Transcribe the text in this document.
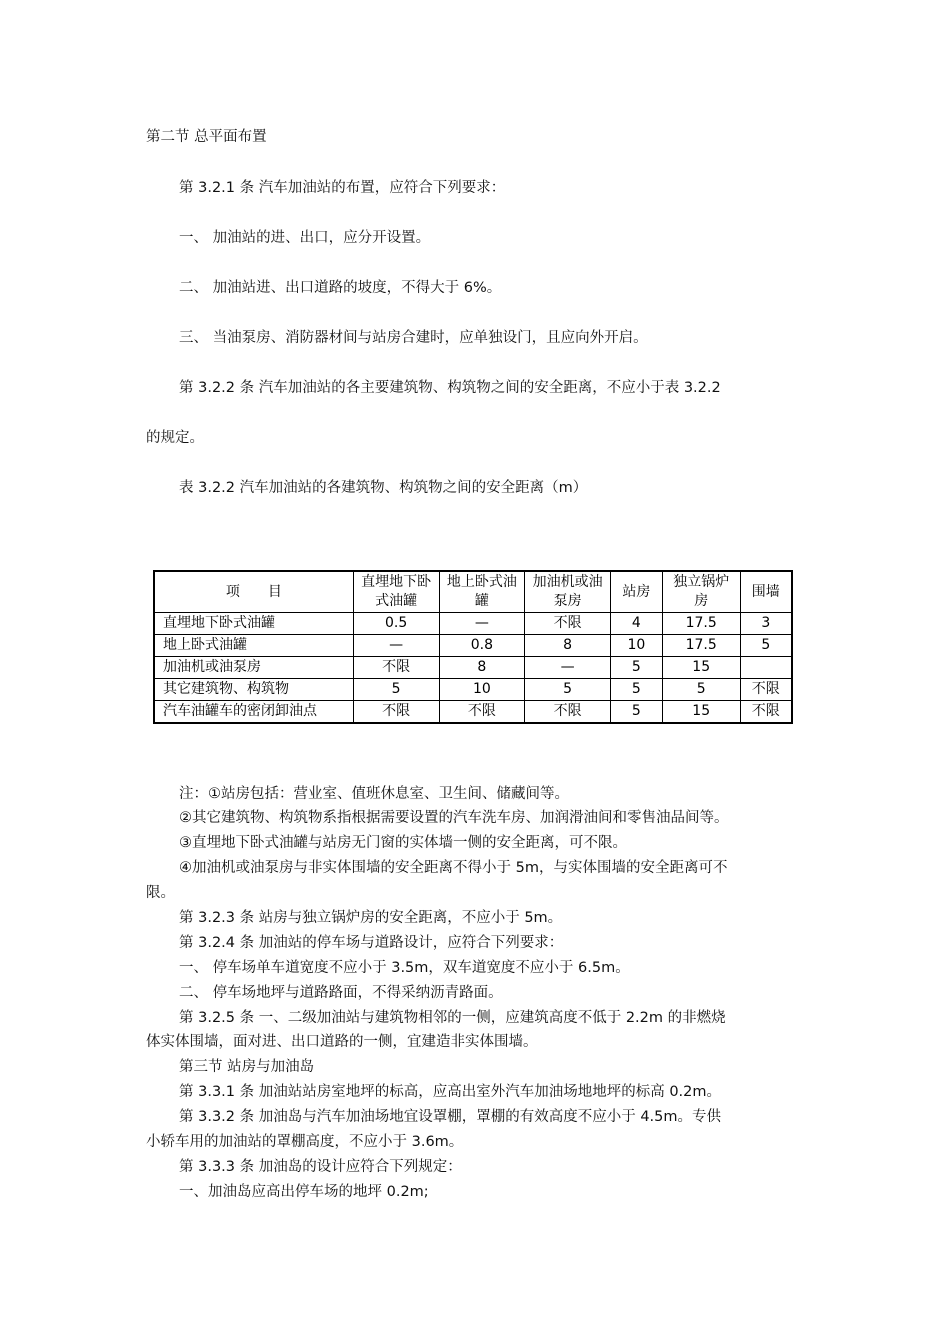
第二节 总平面布置
第 3.2.1 条 汽车加油站的布置，应符合下列要求：
一、 加油站的进、出口，应分开设置。
二、 加油站进、出口道路的坡度，不得大于 6%。
三、 当油泵房、消防器材间与站房合建时，应单独设门，且应向外开启。
第 3.2.2 条 汽车加油站的各主要建筑物、构筑物之间的安全距离，不应小于表 3.2.2
的规定。
表 3.2.2 汽车加油站的各建筑物、构筑物之间的安全距离（m）
项　　目	直埋地下卧式油罐	地上卧式油罐	加油机或油泵房	站房	独立锅炉房	围墙
直埋地下卧式油罐	0.5	—	不限	4	17.5	3
地上卧式油罐	—	0.8	8	10	17.5	5
加油机或油泵房	不限	8	—	5	15	
其它建筑物、构筑物	5	10	5	5	5	不限
汽车油罐车的密闭卸油点	不限	不限	不限	5	15	不限
注：①站房包括：营业室、值班休息室、卫生间、储藏间等。
②其它建筑物、构筑物系指根据需要设置的汽车洗车房、加润滑油间和零售油品间等。
③直埋地下卧式油罐与站房无门窗的实体墙一侧的安全距离，可不限。
④加油机或油泵房与非实体围墙的安全距离不得小于 5m，与实体围墙的安全距离可不
限。
第 3.2.3 条 站房与独立锅炉房的安全距离，不应小于 5m。
第 3.2.4 条 加油站的停车场与道路设计，应符合下列要求：
一、 停车场单车道宽度不应小于 3.5m，双车道宽度不应小于 6.5m。
二、 停车场地坪与道路路面，不得采纳沥青路面。
第 3.2.5 条 一、二级加油站与建筑物相邻的一侧，应建筑高度不低于 2.2m 的非燃烧
体实体围墙，面对进、出口道路的一侧，宜建造非实体围墙。
第三节 站房与加油岛
第 3.3.1 条 加油站站房室地坪的标高，应高出室外汽车加油场地地坪的标高 0.2m。
第 3.3.2 条 加油岛与汽车加油场地宜设罩棚，罩棚的有效高度不应小于 4.5m。专供
小轿车用的加油站的罩棚高度，不应小于 3.6m。
第 3.3.3 条 加油岛的设计应符合下列规定：
一、加油岛应高出停车场的地坪 0.2m;
